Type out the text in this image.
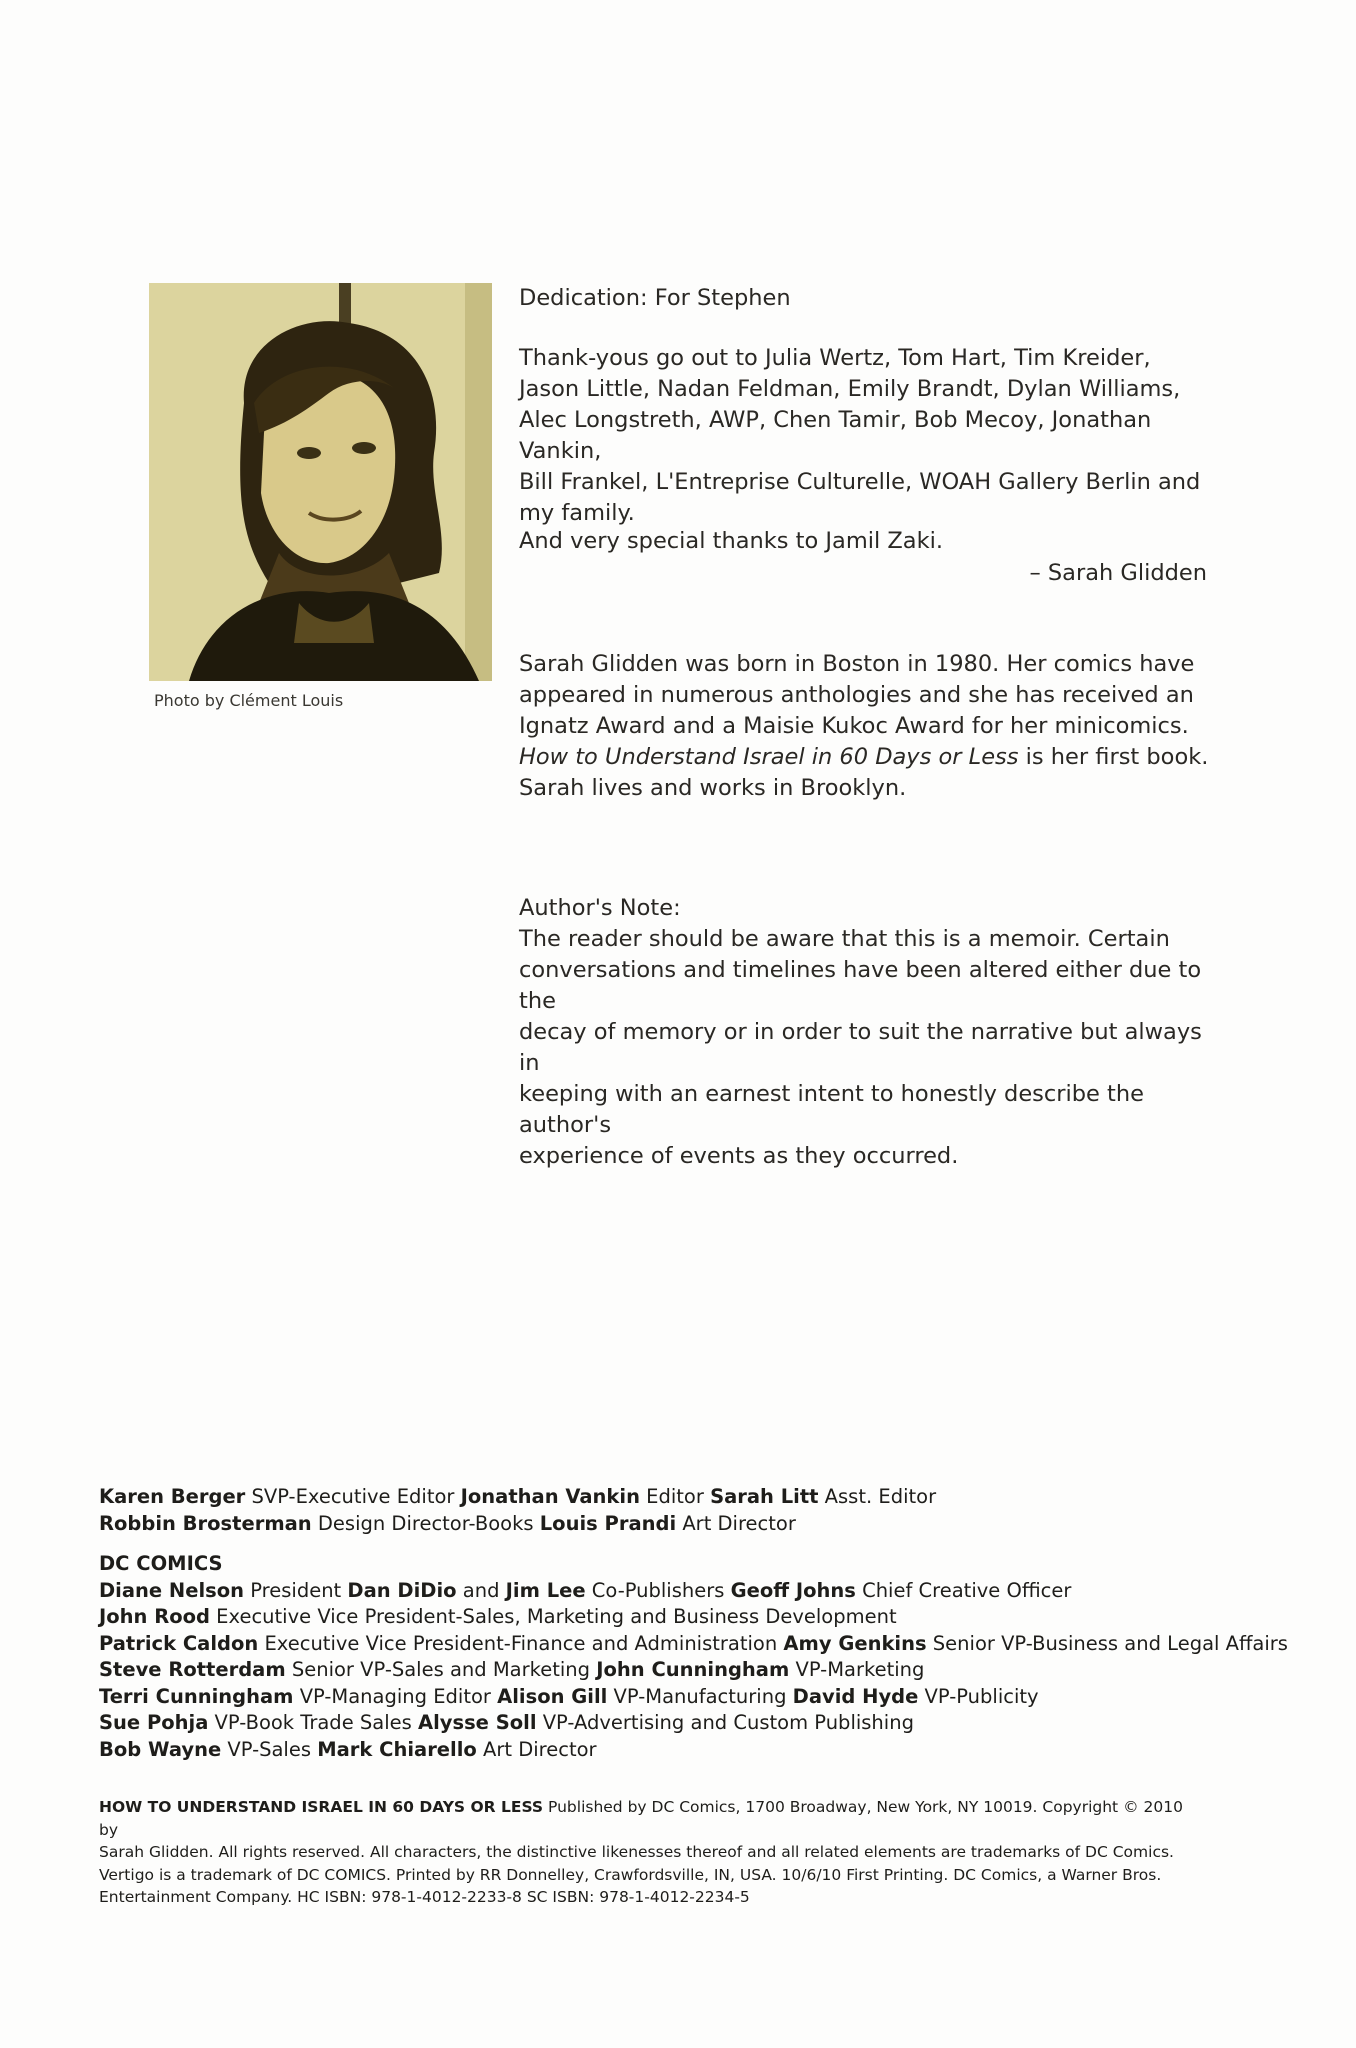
Photo by Clément Louis
Dedication: For Stephen

Thank-yous go out to Julia Wertz, Tom Hart, Tim Kreider,

Jason Little, Nadan Feldman, Emily Brandt, Dylan Williams,

Alec Longstreth, AWP, Chen Tamir, Bob Mecoy, Jonathan Vankin,

Bill Frankel, L'Entreprise Culturelle, WOAH Gallery Berlin and

my family.

And very special thanks to Jamil Zaki.
– Sarah Glidden

Sarah Glidden was born in Boston in 1980. Her comics have

appeared in numerous anthologies and she has received an

Ignatz Award and a Maisie Kukoc Award for her minicomics.

How to Understand Israel in 60 Days or Less is her first book.

Sarah lives and works in Brooklyn.

Author's Note:

The reader should be aware that this is a memoir. Certain

conversations and timelines have been altered either due to the

decay of memory or in order to suit the narrative but always in

keeping with an earnest intent to honestly describe the author's

experience of events as they occurred.

Karen Berger SVP-Executive Editor Jonathan Vankin Editor Sarah Litt Asst. Editor
Robbin Brosterman Design Director-Books Louis Prandi Art Director
DC COMICS
Diane Nelson President Dan DiDio and Jim Lee Co-Publishers Geoff Johns Chief Creative Officer
John Rood Executive Vice President-Sales, Marketing and Business Development
Patrick Caldon Executive Vice President-Finance and Administration Amy Genkins Senior VP-Business and Legal Affairs
Steve Rotterdam Senior VP-Sales and Marketing John Cunningham VP-Marketing
Terri Cunningham VP-Managing Editor Alison Gill VP-Manufacturing David Hyde VP-Publicity
Sue Pohja VP-Book Trade Sales Alysse Soll VP-Advertising and Custom Publishing
Bob Wayne VP-Sales Mark Chiarello Art Director
HOW TO UNDERSTAND ISRAEL IN 60 DAYS OR LESS Published by DC Comics, 1700 Broadway, New York, NY 10019. Copyright © 2010 by
Sarah Glidden. All rights reserved. All characters, the distinctive likenesses thereof and all related elements are trademarks of DC Comics.
Vertigo is a trademark of DC COMICS. Printed by RR Donnelley, Crawfordsville, IN, USA. 10/6/10 First Printing. DC Comics, a Warner Bros.
Entertainment Company. HC ISBN: 978-1-4012-2233-8 SC ISBN: 978-1-4012-2234-5
